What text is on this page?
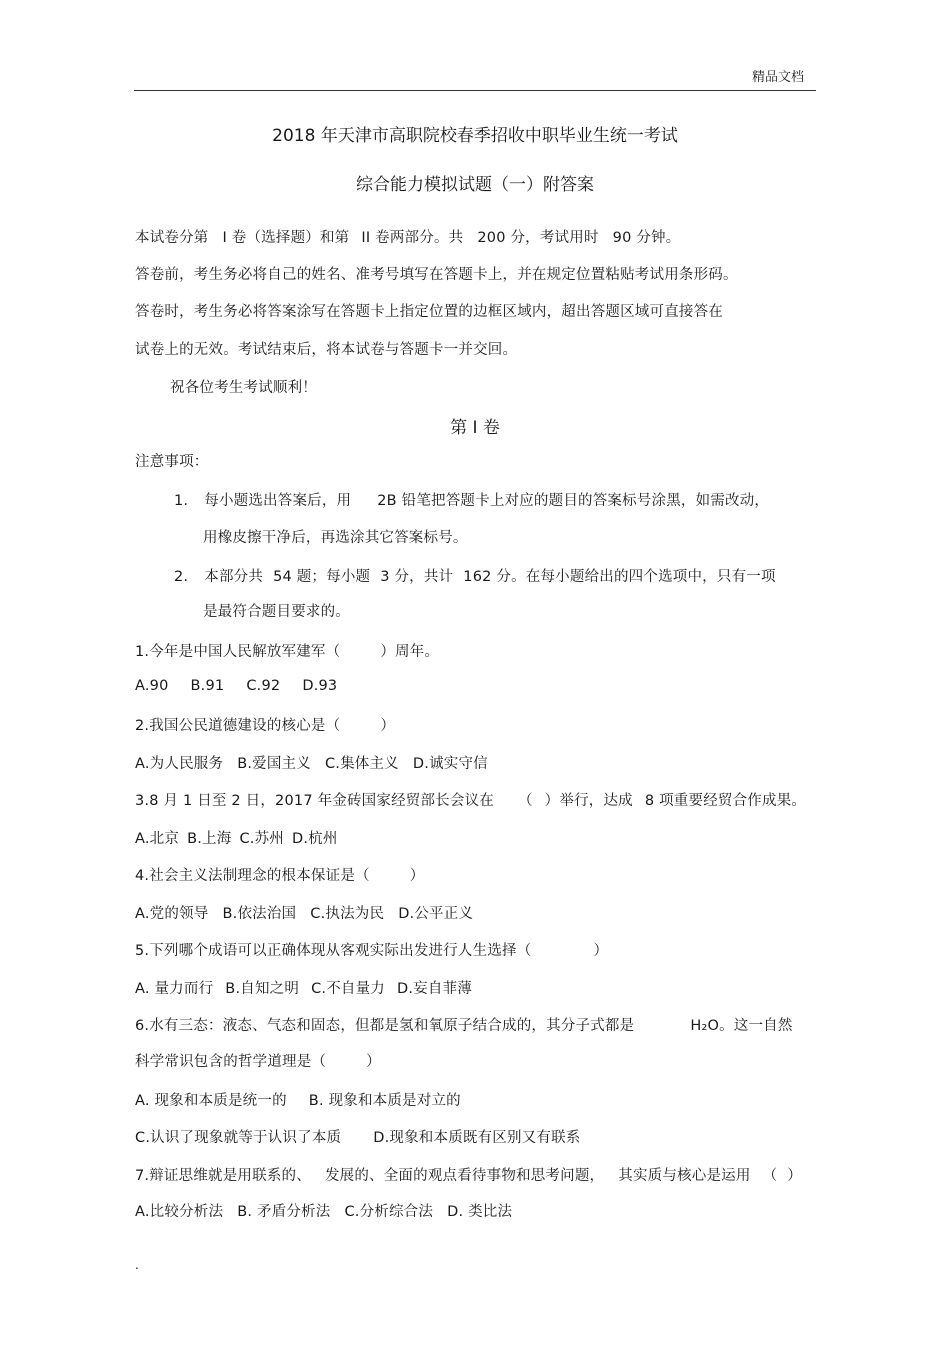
精品文档
2018 年天津市高职院校春季招收中职毕业生统一考试
综合能力模拟试题（一）附答案
本试卷分第 I 卷（选择题）和第 II 卷两部分。共 200 分，考试用时 90 分钟。
答卷前，考生务必将自己的姓名、准考号填写在答题卡上，并在规定位置粘贴考试用条形码。
答卷时，考生务必将答案涂写在答题卡上指定位置的边框区域内，超出答题区域可直接答在
试卷上的无效。考试结束后，将本试卷与答题卡一并交回。
祝各位考生考试顺利！
第 I 卷
注意事项：
1. 每小题选出答案后，用 2B 铅笔把答题卡上对应的题目的答案标号涂黑，如需改动，
用橡皮擦干净后，再选涂其它答案标号。
2. 本部分共 54 题；每小题 3 分，共计 162 分。在每小题给出的四个选项中，只有一项
是最符合题目要求的。
1.今年是中国人民解放军建军（	）周年。
A.90 B.91 C.92 D.93
2.我国公民道德建设的核心是（	）
A.为人民服务 B.爱国主义 C.集体主义 D.诚实守信
3.8 月 1 日至 2 日，2017 年金砖国家经贸部长会议在 （ ）举行，达成 8 项重要经贸合作成果。
A.北京 B.上海 C.苏州 D.杭州
4.社会主义法制理念的根本保证是（	）
A.党的领导 B.依法治国 C.执法为民 D.公平正义
5.下列哪个成语可以正确体现从客观实际出发进行人生选择（	）
A. 量力而行 B.自知之明 C.不自量力 D.妄自菲薄
6.水有三态：液态、气态和固态，但都是氢和氧原子结合成的，其分子式都是	H₂O。这一自然
科学常识包含的哲学道理是（	）
A. 现象和本质是统一的 B. 现象和本质是对立的
C.认识了现象就等于认识了本质 D.现象和本质既有区别又有联系
7.辩证思维就是用联系的、 发展的、全面的观点看待事物和思考问题， 其实质与核心是运用 （ ）
A.比较分析法 B. 矛盾分析法 C.分析综合法 D. 类比法
.
